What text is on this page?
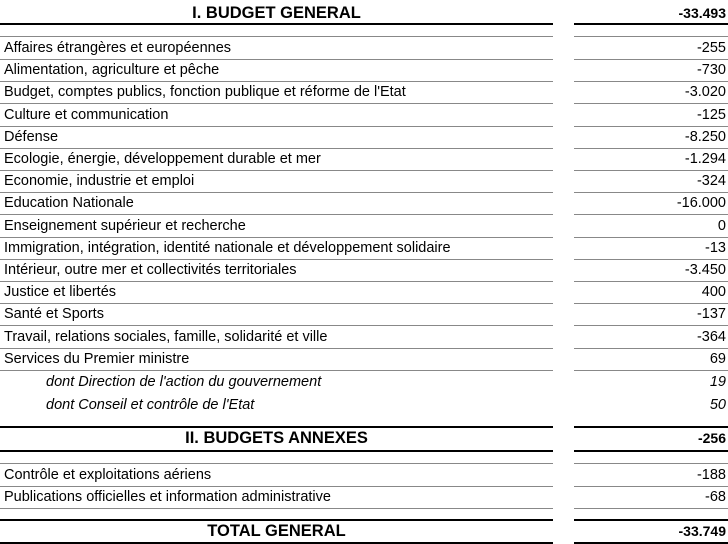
I. BUDGET GENERAL	-33.493
Affaires étrangères et européennes	-255
Alimentation, agriculture et pêche	-730
Budget, comptes publics, fonction publique et réforme de l'Etat	-3.020
Culture et communication	-125
Défense	-8.250
Ecologie, énergie, développement durable et mer	-1.294
Economie, industrie et emploi	-324
Education Nationale	-16.000
Enseignement supérieur et recherche	0
Immigration, intégration, identité nationale et développement solidaire	-13
Intérieur, outre mer et collectivités territoriales	-3.450
Justice et libertés	400
Santé et Sports	-137
Travail, relations sociales, famille, solidarité et ville	-364
Services du Premier ministre	69
dont Direction de l'action du gouvernement	19
dont Conseil et contrôle de l'Etat	50
II. BUDGETS ANNEXES	-256
Contrôle et exploitations aériens	-188
Publications officielles et information administrative	-68
TOTAL GENERAL	-33.749
